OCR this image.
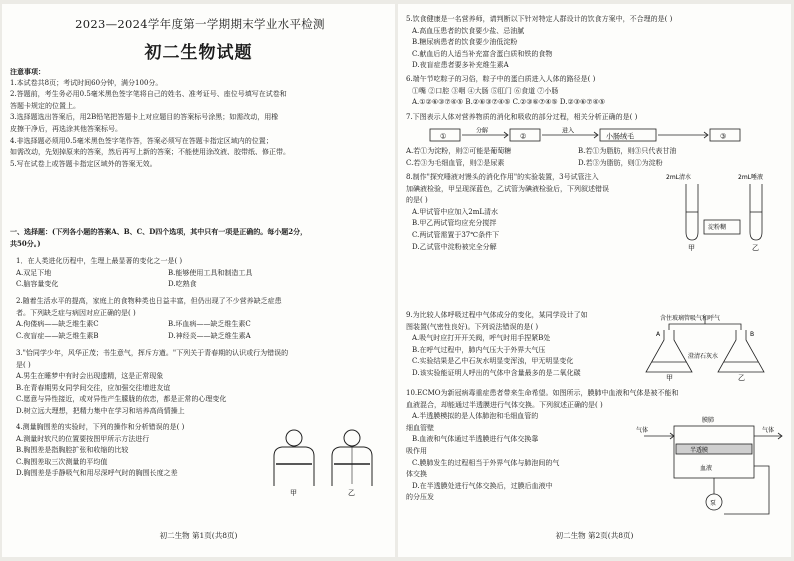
2023—2024学年度第一学期期末学业水平检测
初二生物试题

注意事项：

1.本试卷共8页；考试时间60分钟，满分100分。

2.答题前，考生务必用0.5毫米黑色签字笔将自己的姓名、准考证号、座位号填写在试卷和

答题卡规定的位置上。

3.选择题选出答案后，用2B铅笔把答题卡上对应题目的答案标号涂黑；如需改动，用橡

皮擦干净后，再选涂其他答案标号。

4.非选择题必须用0.5毫米黑色签字笔作答，答案必须写在答题卡指定区域内的位置；

如需改动，先划掉原来的答案，然后再写上新的答案；不能使用涂改液、胶带纸、修正带。

5.写在试卷上或答题卡指定区域外的答案无效。

一、选择题：(下列各小题的答案A、B、C、D四个选项，其中只有一项是正确的。每小题2分，

共50分。)

1．在人类进化历程中，生理上最显著的变化之一是( )

A.双足下地	B.能够使用工具和制造工具

C.脑容量变化	D.吃熟食

2.随着生活水平的提高，家庭上的食物种类也日益丰富，但仍出现了不少营养缺乏症患

者。下列缺乏症与病因对应正确的是( )

A.佝偻病——缺乏维生素C	B.坏血病——缺乏维生素C

C.夜盲症——缺乏维生素B	D.神经炎——缺乏维生素A

3."恰同学少年，风华正茂；书生意气，挥斥方遒。"下列关于青春期的认识或行为错误的

是( )

A.男生在睡梦中有时会出现遗精，这是正常现象

B.在青春期男女同学间交往，应加强交往增进友谊

C.愿意与异性接近，或对异性产生朦胧的依恋，都是正常的心理变化

D.树立远大理想，把精力集中在学习和培养高尚情操上

4.测量胸围差的实验时，下列的操作和分析错误的是( )

A.测量时软尺的位置要按图甲所示方法进行

B.胸围差是指胸腔扩张和收缩的比较

C.胸围差取三次测量的平均值

D.胸围差是手静吸气和用尽深呼气时的胸围长度之差

甲	乙
初二生物 第1页(共8页)

5.饮食健康是一名营养师，请判断以下针对特定人群设计的饮食方案中，不合理的是( )

A.高血压患者的饮食要少盐、忌油腻

B.糖尿病患者的饮食要少油低淀粉

C.献血后的人适当补充富含蛋白质和铁的食物

D.夜盲症患者要多补充维生素A

6.端午节吃粽子的习俗，粽子中的蛋白质进入人体的路径是( )

①嘴 ②口腔 ③咽 ④大肠 ⑤肛门 ⑥食道 ⑦小肠

A.①②⑥③⑦④⑤ B.②⑥③⑦④⑤ C.②③⑥⑦④⑤ D.②③⑥⑦④⑤

7.下图表示人体对营养物质的消化和吸收的部分过程，相关分析正确的是( )

①
分解
②
进入
小肠绒毛	③

A.若①为淀粉，则②可能是葡萄糖	B.若①为脂肪，则③只代表甘油

C.若③为毛细血管，则②是尿素	D.若③为脂肪，则①为淀粉

8.制作"探究唾液对馒头的消化作用"的实验装置，3号试管注入

加碘液检验，甲呈现深蓝色，乙试管为碘液检验后，下列叙述错误

的是( )

A.甲试管中应加入2mL清水

B.甲乙两试管均应充分搅拌

C.两试管需置于37℃条件下

D.乙试管中淀粉被完全分解

2mL清水	2mL唾液
淀粉糊
甲	乙

9.为比较人体呼吸过程中气体成分的变化，某同学设计了如

图装置(气密性良好)。下列说法错误的是( )

A.吸气时应打开开关阀，呼气时用手捏紧B处

B.在呼气过程中，肺内气压大于外界大气压

C.实验结果是乙中石灰水明显变浑浊，甲无明显变化

D.该实验能证明人呼出的气体中含量最多的是二氧化碳

含住玻璃管吸气和呼气
A	B
澄清石灰水
甲	乙

10.ECMO为新冠病毒重症患者带来生命希望。如图所示，膜肺中血液和气体是被不能和

血液混合，却能通过半透膜进行气体交换。下列叙述正确的是( )

A.半透膜模拟的是人体肺泡和毛细血管的

细血管壁

B.血液和气体通过半透膜进行气体交换靠

吸作用

C.膜肺发生的过程相当于外界气体与肺泡间的气

体交换

D.在半透膜处进行气体交换后，过膜后血液中

的分压发

膜肺
气体	气体
半透膜
血液
泵
初二生物 第2页(共8页)
